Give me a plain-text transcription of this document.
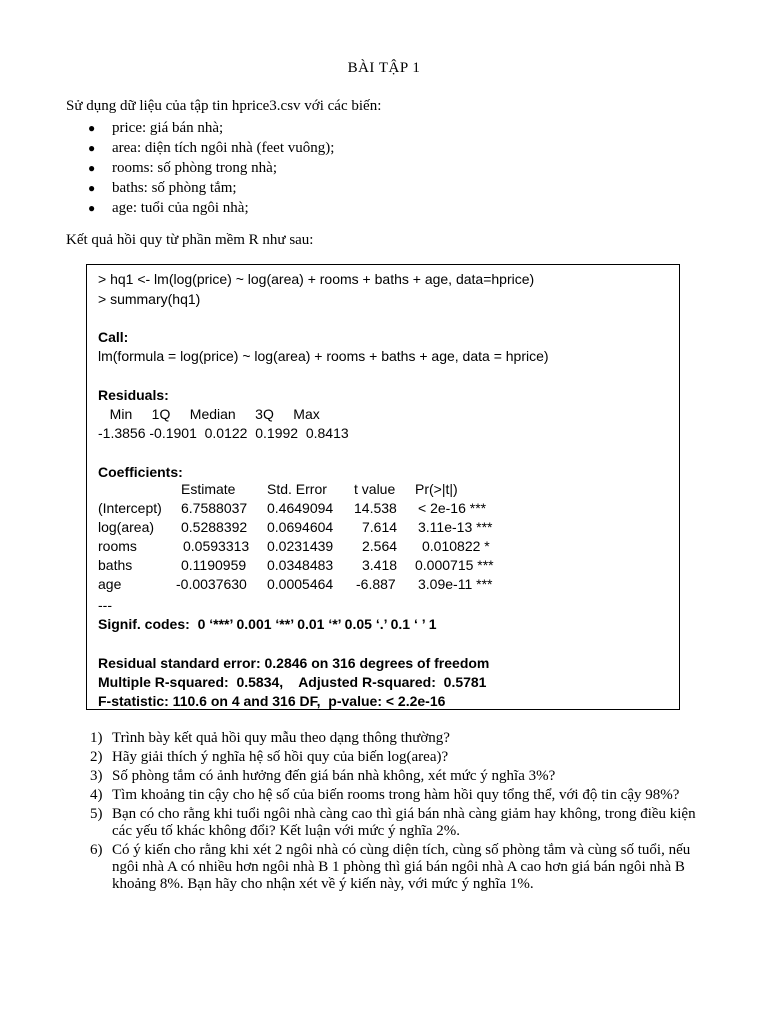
BÀI TẬP 1
Sử dụng dữ liệu của tập tin hprice3.csv với các biến:
● price: giá bán nhà;
● area: diện tích ngôi nhà (feet vuông);
● rooms: số phòng trong nhà;
● baths: số phòng tắm;
● age: tuổi của ngôi nhà;
Kết quả hồi quy từ phần mềm R như sau:
> hq1 <- lm(log(price) ~ log(area) + rooms + baths + age, data=hprice)
> summary(hq1)
Call:
lm(formula = log(price) ~ log(area) + rooms + baths + age, data = hprice)
Residuals:
Min     1Q     Median     3Q     Max
-1.3856 -0.1901  0.0122  0.1992  0.8413
Coefficients:
Estimate Std. Error t value Pr(>|t|)
(Intercept) 6.7588037 0.4649094 14.538 < 2e-16 ***
log(area) 0.5288392 0.0694604 7.614 3.11e-13 ***
rooms	0.0593313 0.0231439 2.564 0.010822 *
baths	0.1190959 0.0348483 3.418 0.000715 ***
age	-0.0037630 0.0005464 -6.887 3.09e-11 ***
---
Signif. codes:  0 ‘***’ 0.001 ‘**’ 0.01 ‘*’ 0.05 ‘.’ 0.1 ‘ ’ 1
Residual standard error: 0.2846 on 316 degrees of freedom
Multiple R-squared:  0.5834,    Adjusted R-squared:  0.5781
F-statistic: 110.6 on 4 and 316 DF,  p-value: < 2.2e-16
1) Trình bày kết quả hồi quy mẫu theo dạng thông thường?
2) Hãy giải thích ý nghĩa hệ số hồi quy của biến log(area)?
3) Số phòng tắm có ảnh hưởng đến giá bán nhà không, xét mức ý nghĩa 3%?
4) Tìm khoảng tin cậy cho hệ số của biến rooms trong hàm hồi quy tổng thể, với độ tin cậy 98%?
5) Bạn có cho rằng khi tuổi ngôi nhà càng cao thì giá bán nhà càng giảm hay không, trong điều kiện các yếu tố khác không đổi? Kết luận với mức ý nghĩa 2%.
6) Có ý kiến cho rằng khi xét 2 ngôi nhà có cùng diện tích, cùng số phòng tắm và cùng số tuổi, nếu ngôi nhà A có nhiều hơn ngôi nhà B 1 phòng thì giá bán ngôi nhà A cao hơn giá bán ngôi nhà B khoảng 8%. Bạn hãy cho nhận xét về ý kiến này, với mức ý nghĩa 1%.
